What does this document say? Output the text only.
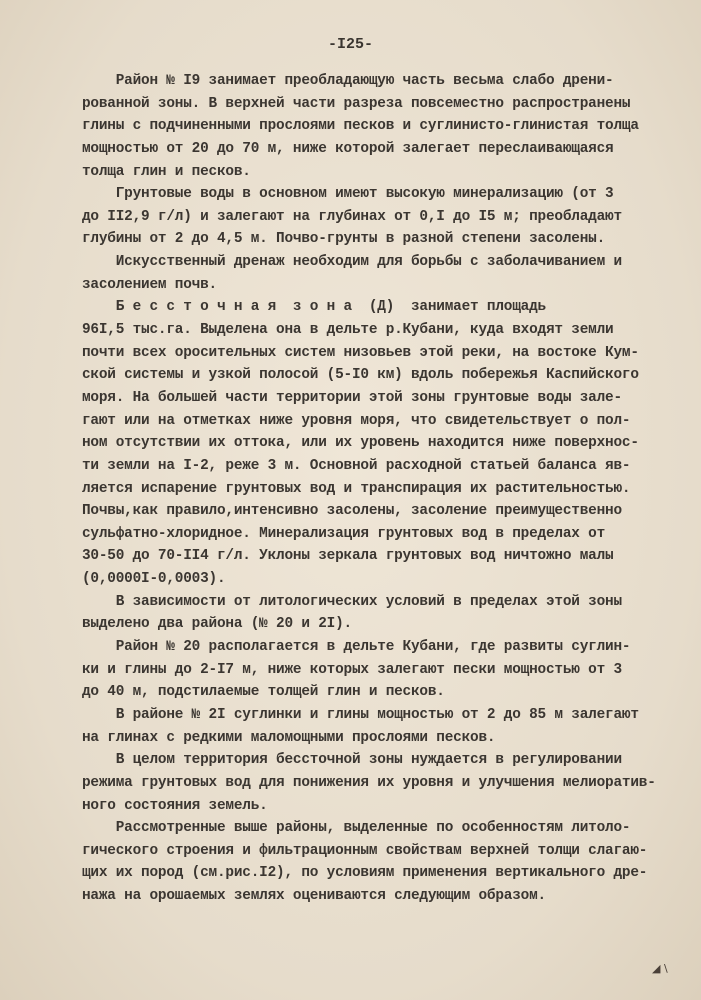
-I25-
Район № I9 занимает преобладающую часть весьма слабо дрени-
рованной зоны. В верхней части разреза повсеместно распространены
глины с подчиненными прослоями песков и суглинисто-глинистая толща
мощностью от 20 до 70 м, ниже которой залегает переслаивающаяся
толща глин и песков.
Грунтовые воды в основном имеют высокую минерализацию (от 3
до II2,9 г/л) и залегают на глубинах от 0,I до I5 м; преобладают
глубины от 2 до 4,5 м. Почво-грунты в разной степени засолены.
Искусственный дренаж необходим для борьбы с заболачиванием и
засолением почв.
Б е с с т о ч н а я  з о н а  (Д)  занимает площадь
96I,5 тыс.га. Выделена она в дельте р.Кубани, куда входят земли
почти всех оросительных систем низовьев этой реки, на востоке Кум-
ской системы и узкой полосой (5-I0 км) вдоль побережья Каспийского
моря. На большей части территории этой зоны грунтовые воды зале-
гают или на отметках ниже уровня моря, что свидетельствует о пол-
ном отсутствии их оттока, или их уровень находится ниже поверхнос-
ти земли на I-2, реже 3 м. Основной расходной статьей баланса яв-
ляется испарение грунтовых вод и транспирация их растительностью.
Почвы,как правило,интенсивно засолены, засоление преимущественно
сульфатно-хлоридное. Минерализация грунтовых вод в пределах от
30-50 до 70-II4 г/л. Уклоны зеркала грунтовых вод ничтожно малы
(0,0000I-0,0003).
В зависимости от литологических условий в пределах этой зоны
выделено два района (№ 20 и 2I).
Район № 20 располагается в дельте Кубани, где развиты суглин-
ки и глины до 2-I7 м, ниже которых залегают пески мощностью от 3
до 40 м, подстилаемые толщей глин и песков.
В районе № 2I суглинки и глины мощностью от 2 до 85 м залегают
на глинах с редкими маломощными прослоями песков.
В целом территория бессточной зоны нуждается в регулировании
режима грунтовых вод для понижения их уровня и улучшения мелиоратив-
ного состояния земель.
Рассмотренные выше районы, выделенные по особенностям литоло-
гического строения и фильтрационным свойствам верхней толщи слагаю-
щих их пород (см.рис.I2), по условиям применения вертикального дре-
нажа на орошаемых землях оцениваются следующим образом.
◢ \
